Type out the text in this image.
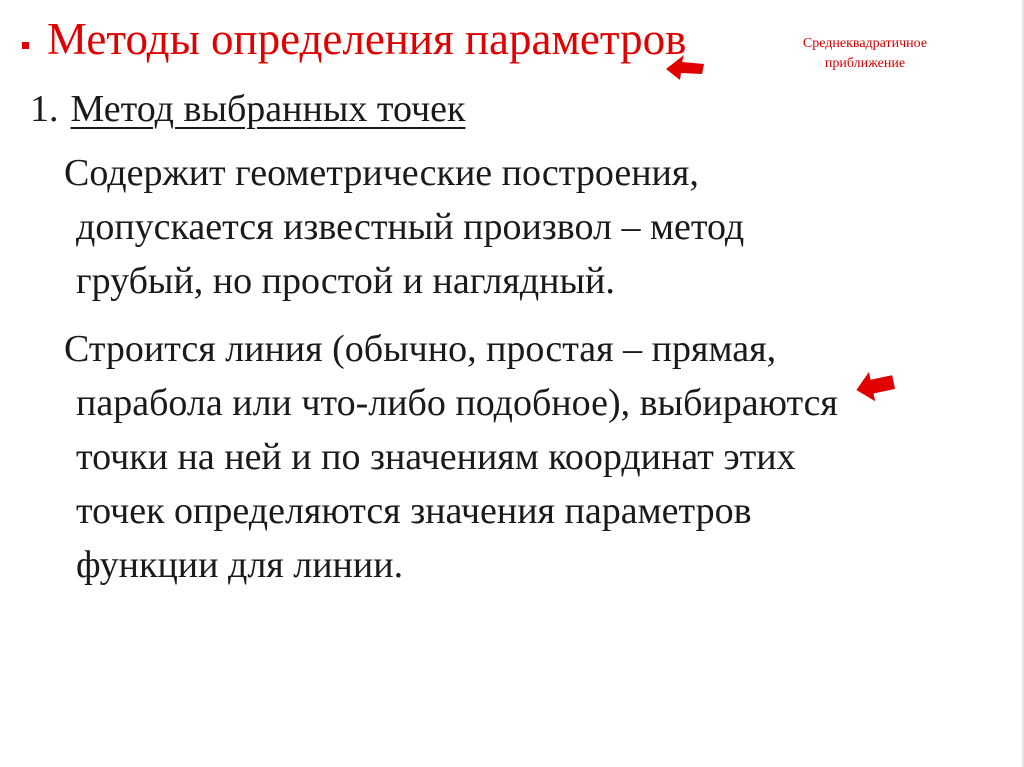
Методы определения параметров	Среднеквадратичное
приближение
1. Метод выбранных точек
Содержит геометрические построения,
допускается известный произвол – метод
грубый, но простой и наглядный.
Строится линия (обычно, простая – прямая,
парабола или что-либо подобное), выбираются
точки на ней и по значениям координат этих
точек определяются значения параметров
функции для линии.
